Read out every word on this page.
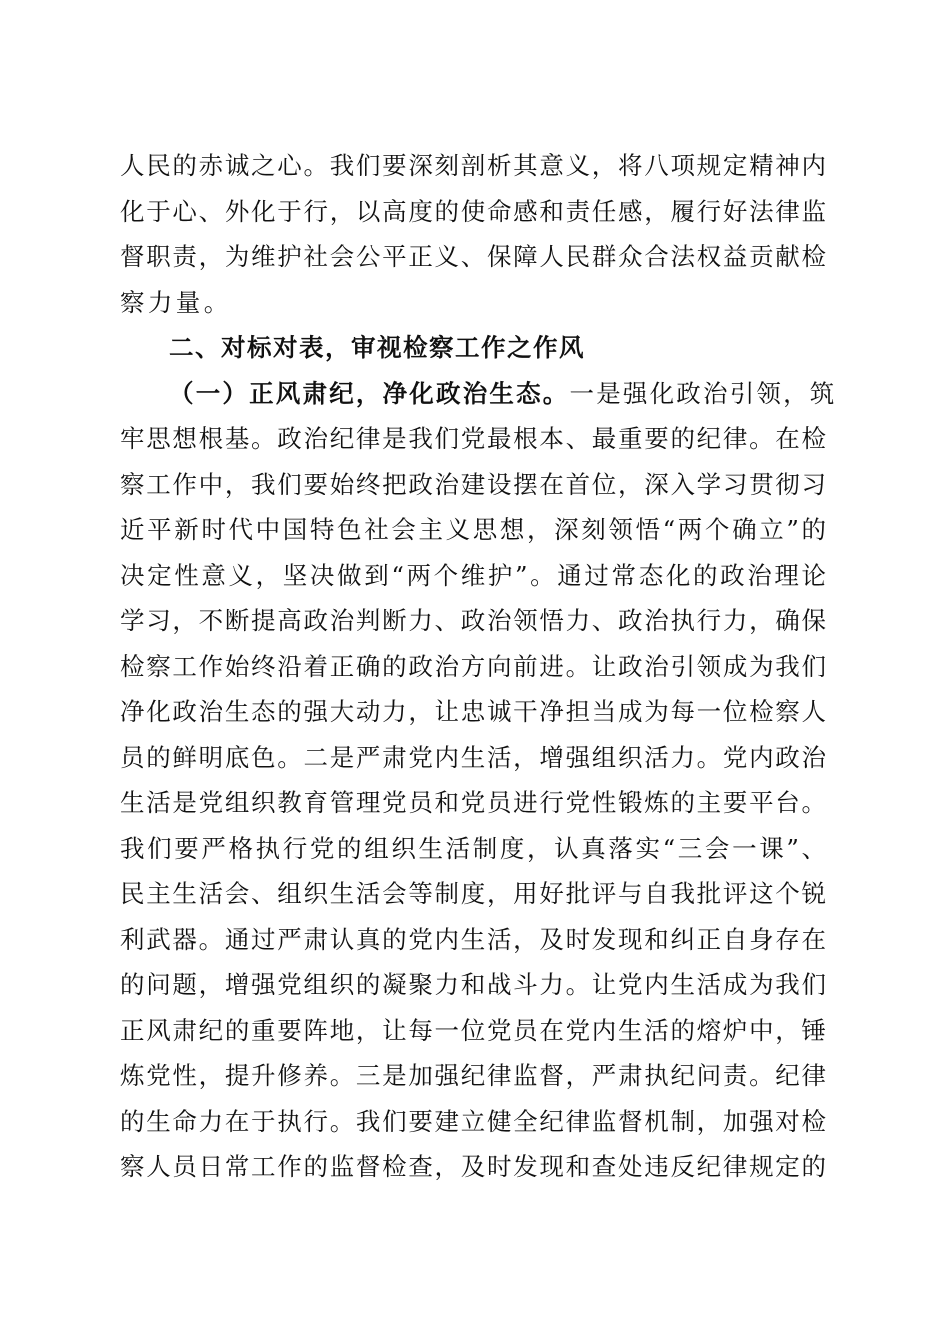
人民的赤诚之心。我们要深刻剖析其意义，将八项规定精神内
化于心、外化于行，以高度的使命感和责任感，履行好法律监
督职责，为维护社会公平正义、保障人民群众合法权益贡献检
察力量。
二、对标对表，审视检察工作之作风
（一）正风肃纪，净化政治生态。一是强化政治引领，筑
牢思想根基。政治纪律是我们党最根本、最重要的纪律。在检
察工作中，我们要始终把政治建设摆在首位，深入学习贯彻习
近平新时代中国特色社会主义思想，深刻领悟“两个确立”的
决定性意义，坚决做到“两个维护”。通过常态化的政治理论
学习，不断提高政治判断力、政治领悟力、政治执行力，确保
检察工作始终沿着正确的政治方向前进。让政治引领成为我们
净化政治生态的强大动力，让忠诚干净担当成为每一位检察人
员的鲜明底色。二是严肃党内生活，增强组织活力。党内政治
生活是党组织教育管理党员和党员进行党性锻炼的主要平台。
我们要严格执行党的组织生活制度，认真落实“三会一课”、
民主生活会、组织生活会等制度，用好批评与自我批评这个锐
利武器。通过严肃认真的党内生活，及时发现和纠正自身存在
的问题，增强党组织的凝聚力和战斗力。让党内生活成为我们
正风肃纪的重要阵地，让每一位党员在党内生活的熔炉中，锤
炼党性，提升修养。三是加强纪律监督，严肃执纪问责。纪律
的生命力在于执行。我们要建立健全纪律监督机制，加强对检
察人员日常工作的监督检查，及时发现和查处违反纪律规定的
